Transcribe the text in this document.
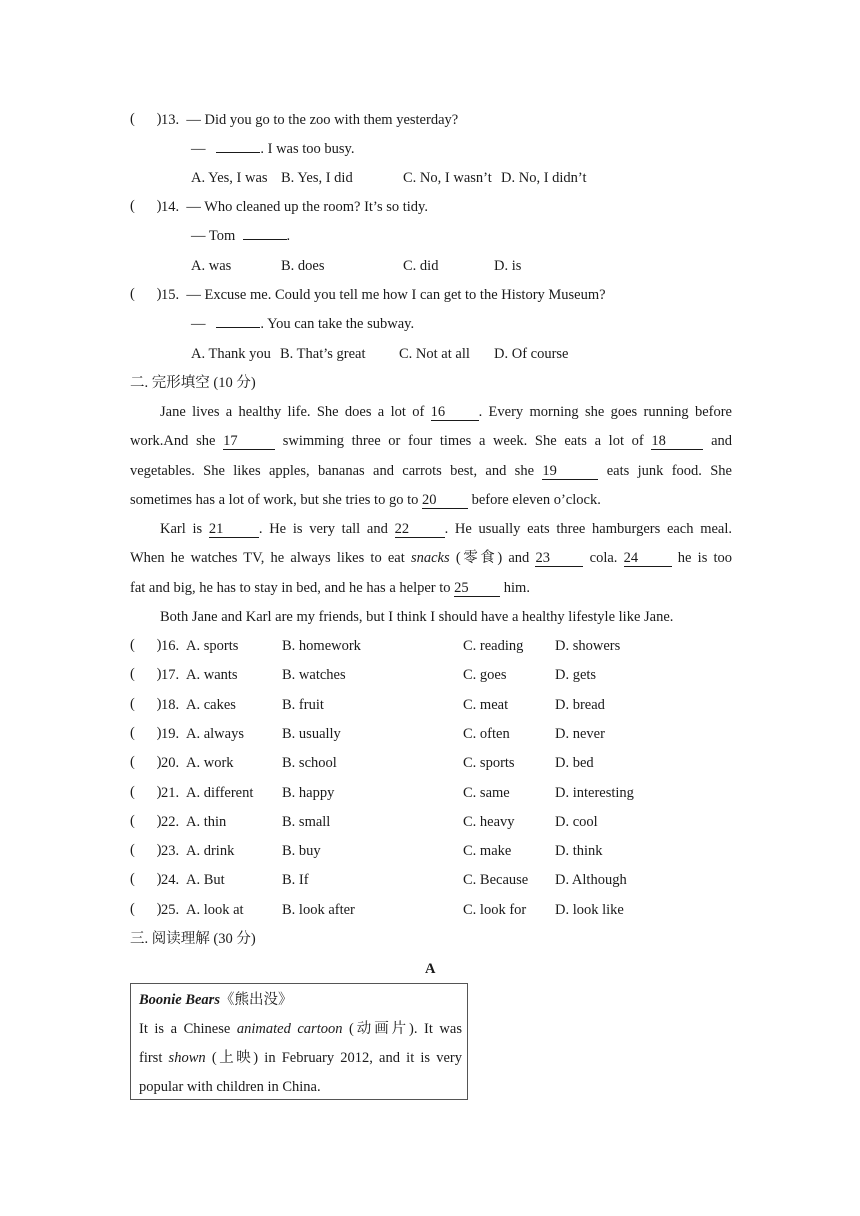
(      ) 13. — Did you go to the zoo with them yesterday?
—	. I was too busy.
A. Yes, I was B. Yes, I did	C. No, I wasn’t D. No, I didn’t
(      ) 14. — Who cleaned up the room? It’s so tidy.
— Tom	.
A. was	B. does	C. did	D. is
(      ) 15. — Excuse me. Could you tell me how I can get to the History Museum?
—	. You can take the subway.
A. Thank you B. That’s great C. Not at all D. Of course
二. 完形填空 (10 分)
Jane lives a healthy life. She does a lot of 16 . Every morning she goes running before
work.And she 17	swimming three or four times a week. She eats a lot of 18	and
vegetables. She likes apples, bananas and carrots best, and she 19	eats junk food. She
sometimes has a lot of work, but she tries to go to 20 before eleven o’clock.
Karl is 21 . He is very tall and 22 . He usually eats three hamburgers each meal.
When he watches TV, he always likes to eat snacks (零食) and 23	cola. 24	he is too
fat and big, he has to stay in bed, and he has a helper to 25 him.
Both Jane and Karl are my friends, but I think I should have a healthy lifestyle like Jane.
(      ) 16. A. sports	B. homework	C. reading D. showers
(      ) 17. A. wants	B. watches	C. goes	D. gets
(      ) 18. A. cakes	B. fruit	C. meat	D. bread
(      ) 19. A. always	B. usually	C. often	D. never
(      ) 20. A. work	B. school	C. sports	D. bed
(      ) 21. A. different B. happy	C. same	D. interesting
(      ) 22. A. thin	B. small	C. heavy	D. cool
(      ) 23. A. drink	B. buy	C. make	D. think
(      ) 24. A. But	B. If	C. Because D. Although
(      ) 25. A. look at	B. look after	C. look for D. look like
三. 阅读理解 (30 分)
A
Boonie Bears《熊出没》
It is a Chinese animated cartoon (动画片). It was
first shown (上映) in February 2012, and it is very
popular with children in China.
